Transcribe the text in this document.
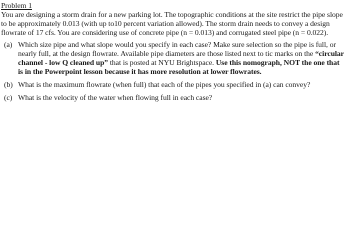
Problem 1
You are designing a storm drain for a new parking lot. The topographic conditions at the site restrict the pipe slope to be approximately 0.013 (with up to10 percent variation allowed). The storm drain needs to convey a design flowrate of 17 cfs. You are considering use of concrete pipe (n = 0.013) and corrugated steel pipe (n = 0.022).
(a) Which size pipe and what slope would you specify in each case? Make sure selection so the pipe is full, or nearly full, at the design flowrate. Available pipe diameters are those listed next to tic marks on the “circular channel - low Q cleaned up” that is posted at NYU Brightspace. Use this nomograph, NOT the one that is in the Powerpoint lesson because it has more resolution at lower flowrates.
(b) What is the maximum flowrate (when full) that each of the pipes you specified in (a) can convey?
(c) What is the velocity of the water when flowing full in each case?
